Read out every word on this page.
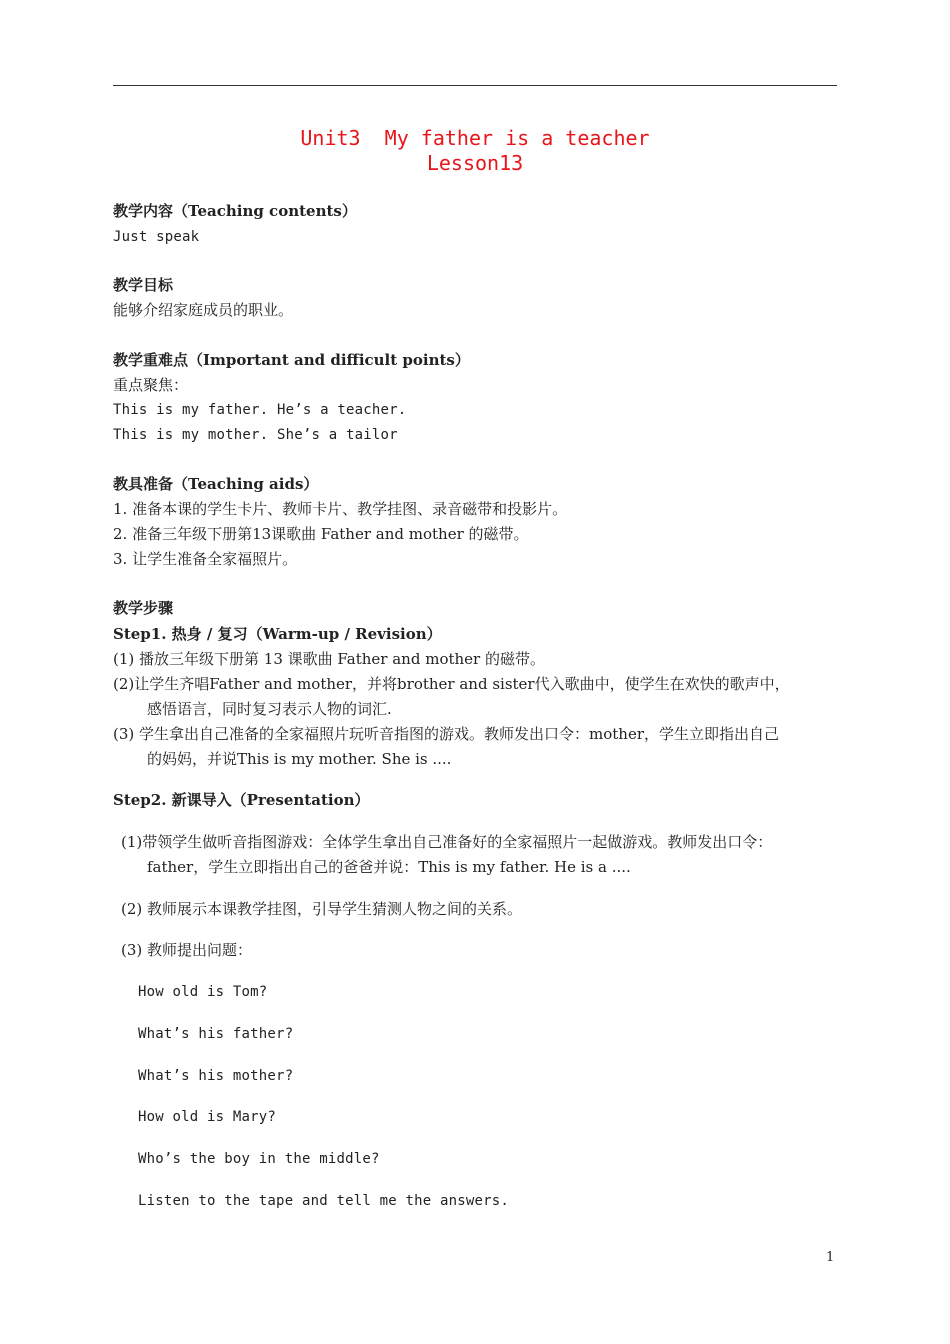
Unit3  My father is a teacher
Lesson13
教学内容（Teaching contents）
Just speak
教学目标
能够介绍家庭成员的职业。
教学重难点（Important and difficult points）
重点聚焦：
This is my father. He’s a teacher.
This is my mother. She’s a tailor
教具准备（Teaching aids）
1. 准备本课的学生卡片、教师卡片、教学挂图、录音磁带和投影片。
2. 准备三年级下册第13课歌曲 Father and mother 的磁带。
3. 让学生准备全家福照片。
教学步骤
Step1. 热身 / 复习（Warm-up / Revision）
(1) 播放三年级下册第 13 课歌曲 Father and mother 的磁带。
(2)让学生齐唱Father and mother，并将brother and sister代入歌曲中，使学生在欢快的歌声中，
感悟语言，同时复习表示人物的词汇.
(3) 学生拿出自己准备的全家福照片玩听音指图的游戏。教师发出口令：mother，学生立即指出自己
的妈妈，并说This is my mother. She is ....
Step2. 新课导入（Presentation）
(1)带领学生做听音指图游戏：全体学生拿出自己准备好的全家福照片一起做游戏。教师发出口令：
father，学生立即指出自己的爸爸并说：This is my father. He is a ....
(2) 教师展示本课教学挂图，引导学生猜测人物之间的关系。
(3) 教师提出问题：
How old is Tom?
What’s his father?
What’s his mother?
How old is Mary?
Who’s the boy in the middle?
Listen to the tape and tell me the answers.
1
